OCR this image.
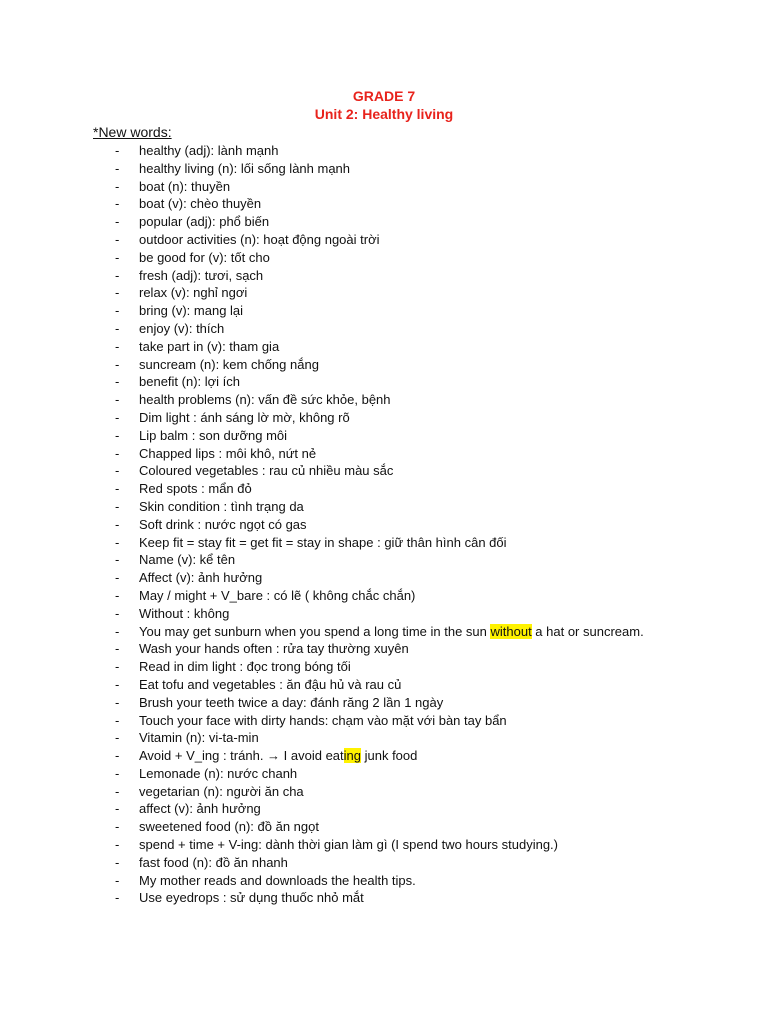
GRADE 7
Unit 2: Healthy living
*New words:
- healthy (adj): lành mạnh
- healthy living (n): lối sống lành mạnh
- boat (n): thuyền
- boat (v): chèo thuyền
- popular (adj): phổ biến
- outdoor activities (n): hoạt động ngoài trời
- be good for (v): tốt cho
- fresh (adj): tươi, sạch
- relax (v): nghỉ ngơi
- bring (v): mang lại
- enjoy (v): thích
- take part in (v): tham gia
- suncream (n): kem chống nắng
- benefit (n): lợi ích
- health problems (n): vấn đề sức khỏe, bệnh
- Dim light : ánh sáng lờ mờ, không rõ
- Lip balm : son dưỡng môi
- Chapped lips : môi khô, nứt nẻ
- Coloured vegetables : rau củ nhiều màu sắc
- Red spots : mẩn đỏ
- Skin condition : tình trạng da
- Soft drink : nước ngọt có gas
- Keep fit = stay fit = get fit = stay in shape : giữ thân hình cân đối
- Name (v): kể tên
- Affect (v): ảnh hưởng
- May / might + V_bare : có lẽ ( không chắc chắn)
- Without : không
- You may get sunburn when you spend a long time in the sun without a hat or suncream.
- Wash your hands often : rửa tay thường xuyên
- Read in dim light : đọc trong bóng tối
- Eat tofu and vegetables : ăn đậu hủ và rau củ
- Brush your teeth twice a day: đánh răng 2 lần 1 ngày
- Touch your face with dirty hands: chạm vào mặt với bàn tay bẩn
- Vitamin (n): vi-ta-min
- Avoid + V_ing : tránh. → I avoid eating junk food
- Lemonade (n): nước chanh
- vegetarian (n): người ăn cha
- affect (v): ảnh hưởng
- sweetened food (n): đồ ăn ngọt
- spend + time + V-ing: dành thời gian làm gì (I spend two hours studying.)
- fast food (n): đồ ăn nhanh
- My mother reads and downloads the health tips.
- Use eyedrops : sử dụng thuốc nhỏ mắt
